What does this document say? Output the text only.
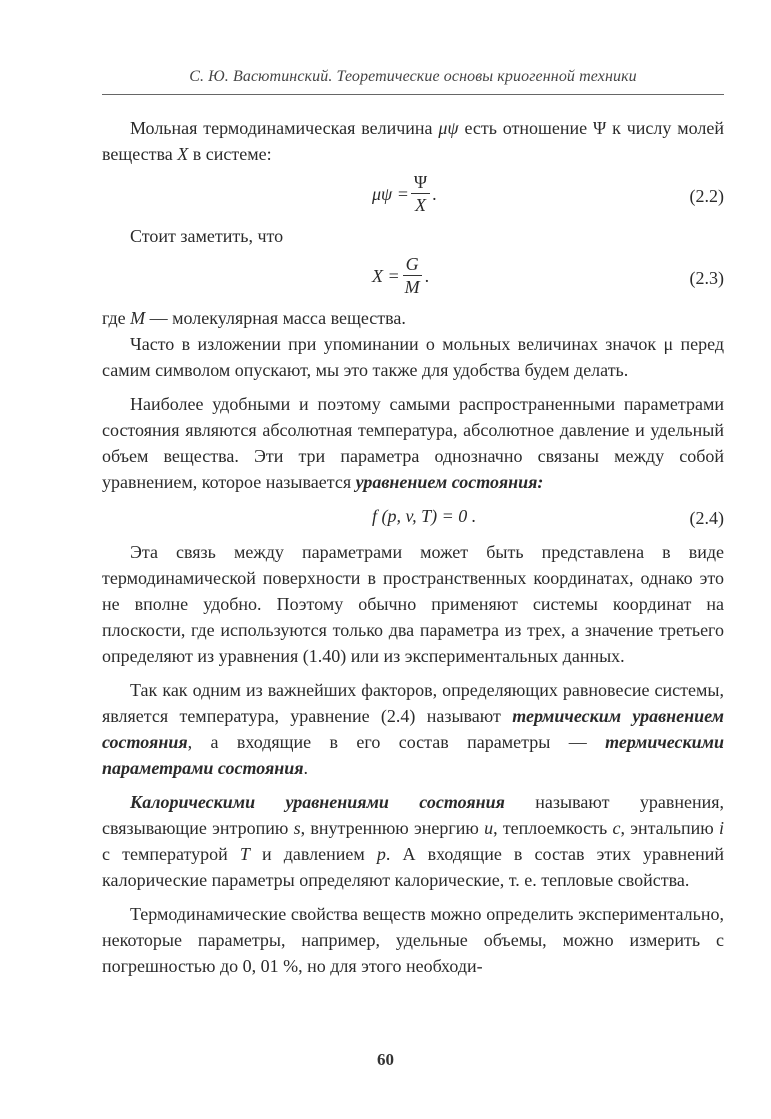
С. Ю. Васютинский. Теоретические основы криогенной техники

Мольная термодинамическая величина μψ есть отношение Ψ к числу молей вещества X в системе:

$\mu\psi = \frac{\Psi}{X}$ .	(2.2)

Стоит заметить, что

$X = \frac{G}{M}$ .	(2.3)

где M — молекулярная масса вещества.

Часто в изложении при упоминании о мольных величинах значок μ перед самим символом опускают, мы это также для удобства будем делать.

Наиболее удобными и поэтому самыми распространенными параметрами состояния являются абсолютная температура, абсолютное давление и удельный объем вещества. Эти три параметра однозначно связаны между собой уравнением, которое называется уравнением состояния:

f (p, v, T) = 0 .	(2.4)

Эта связь между параметрами может быть представлена в виде термодинамической поверхности в пространственных координатах, однако это не вполне удобно. Поэтому обычно применяют системы координат на плоскости, где используются только два параметра из трех, а значение третьего определяют из уравнения (1.40) или из экспериментальных данных.

Так как одним из важнейших факторов, определяющих равновесие системы, является температура, уравнение (2.4) называют термическим уравнением состояния, а входящие в его состав параметры — термическими параметрами состояния.

Калорическими уравнениями состояния называют уравнения, связывающие энтропию s, внутреннюю энергию u, теплоемкость c, энтальпию i с температурой T и давлением p. А входящие в состав этих уравнений калорические параметры определяют калорические, т. е. тепловые свойства.

Термодинамические свойства веществ можно определить экспериментально, некоторые параметры, например, удельные объемы, можно измерить с погрешностью до 0, 01 %, но для этого необходи-

60
